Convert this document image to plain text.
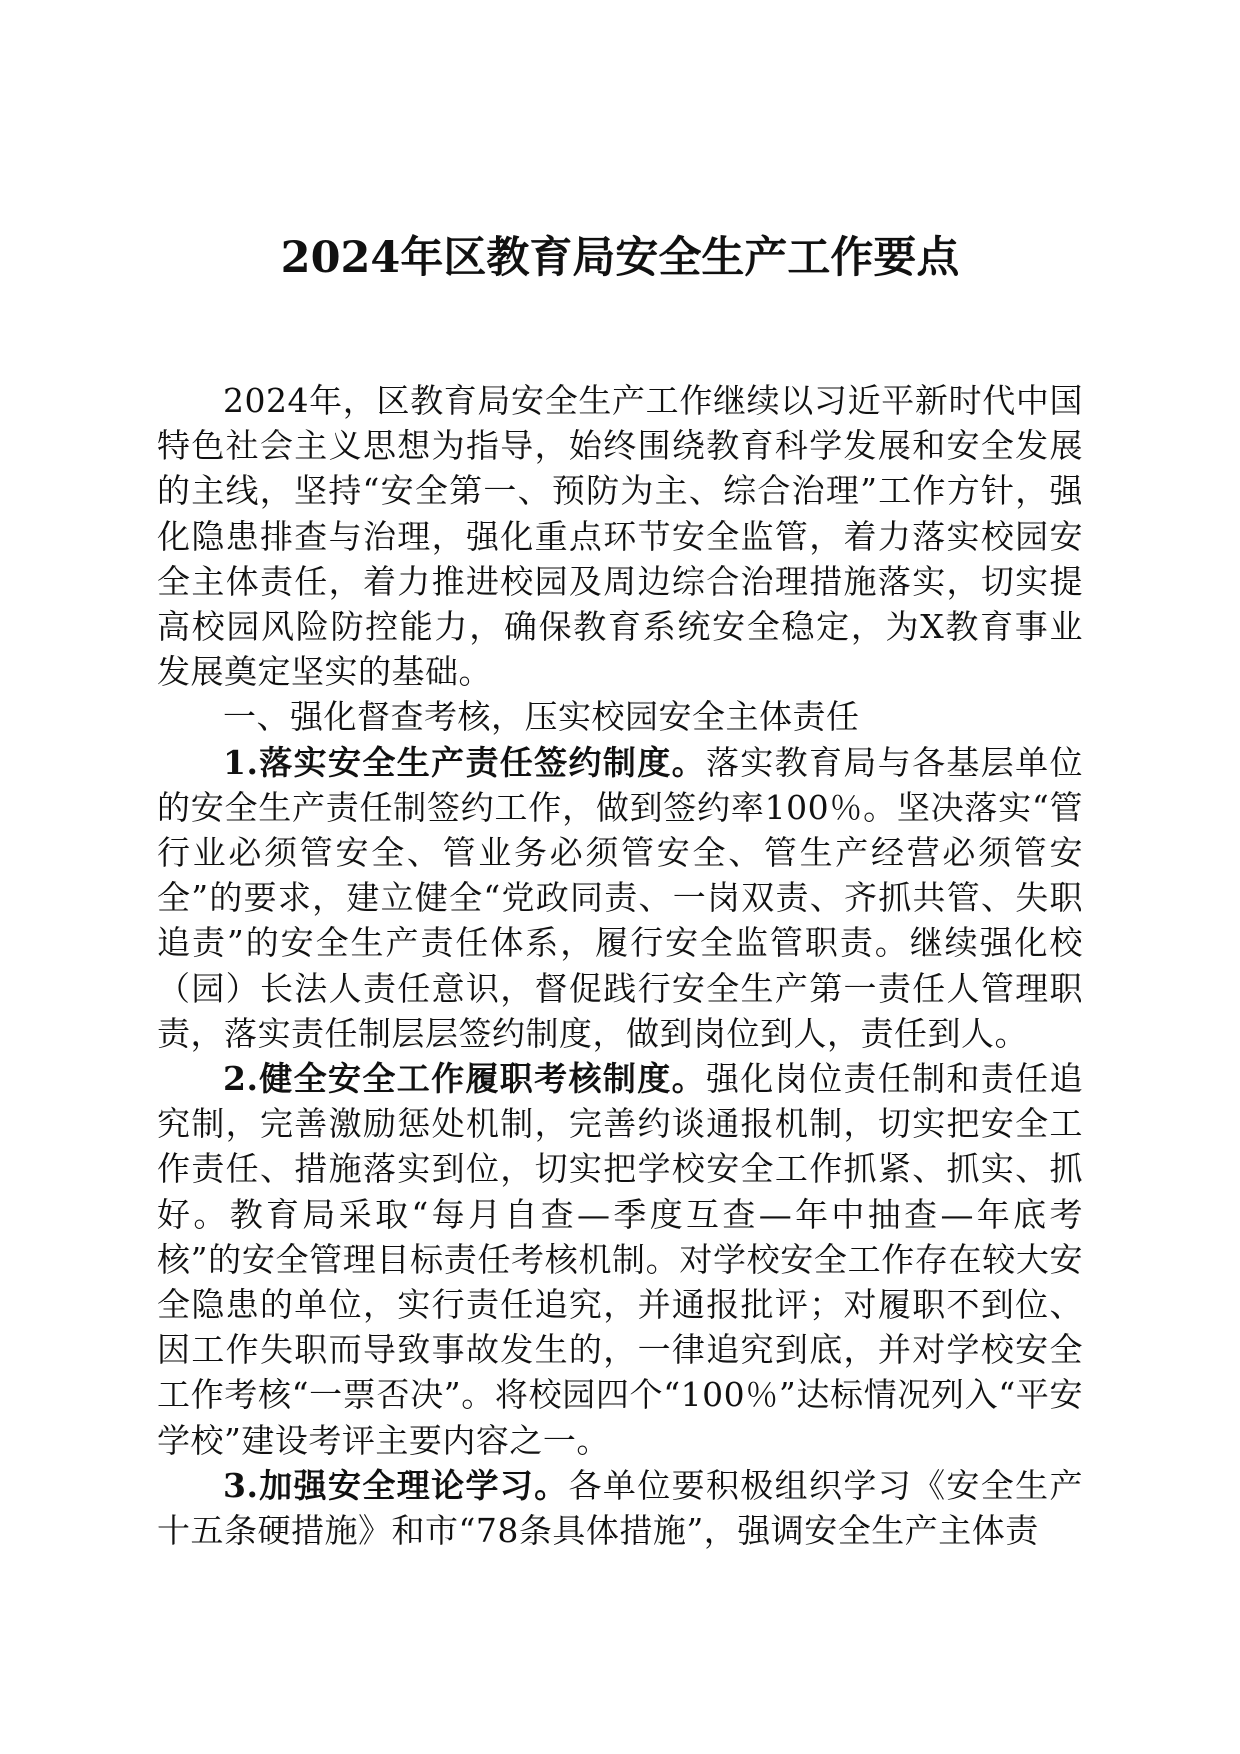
2024年区教育局安全生产工作要点

2024年，区教育局安全生产工作继续以习近平新时代中国特色社会主义思想为指导，始终围绕教育科学发展和安全发展的主线，坚持“安全第一、预防为主、综合治理”工作方针，强化隐患排查与治理，强化重点环节安全监管，着力落实校园安全主体责任，着力推进校园及周边综合治理措施落实，切实提高校园风险防控能力，确保教育系统安全稳定，为X教育事业发展奠定坚实的基础。

一、强化督查考核，压实校园安全主体责任

1.落实安全生产责任签约制度。落实教育局与各基层单位的安全生产责任制签约工作，做到签约率100％。坚决落实“管行业必须管安全、管业务必须管安全、管生产经营必须管安全”的要求，建立健全“党政同责、一岗双责、齐抓共管、失职追责”的安全生产责任体系，履行安全监管职责。继续强化校（园）长法人责任意识，督促践行安全生产第一责任人管理职责，落实责任制层层签约制度，做到岗位到人，责任到人。

2.健全安全工作履职考核制度。强化岗位责任制和责任追究制，完善激励惩处机制，完善约谈通报机制，切实把安全工作责任、措施落实到位，切实把学校安全工作抓紧、抓实、抓好。教育局采取“每月自查—季度互查—年中抽查—年底考核”的安全管理目标责任考核机制。对学校安全工作存在较大安全隐患的单位，实行责任追究，并通报批评；对履职不到位、因工作失职而导致事故发生的，一律追究到底，并对学校安全工作考核“一票否决”。将校园四个“100％”达标情况列入“平安学校”建设考评主要内容之一。

3.加强安全理论学习。各单位要积极组织学习《安全生产十五条硬措施》和市“78条具体措施”，强调安全生产主体责
